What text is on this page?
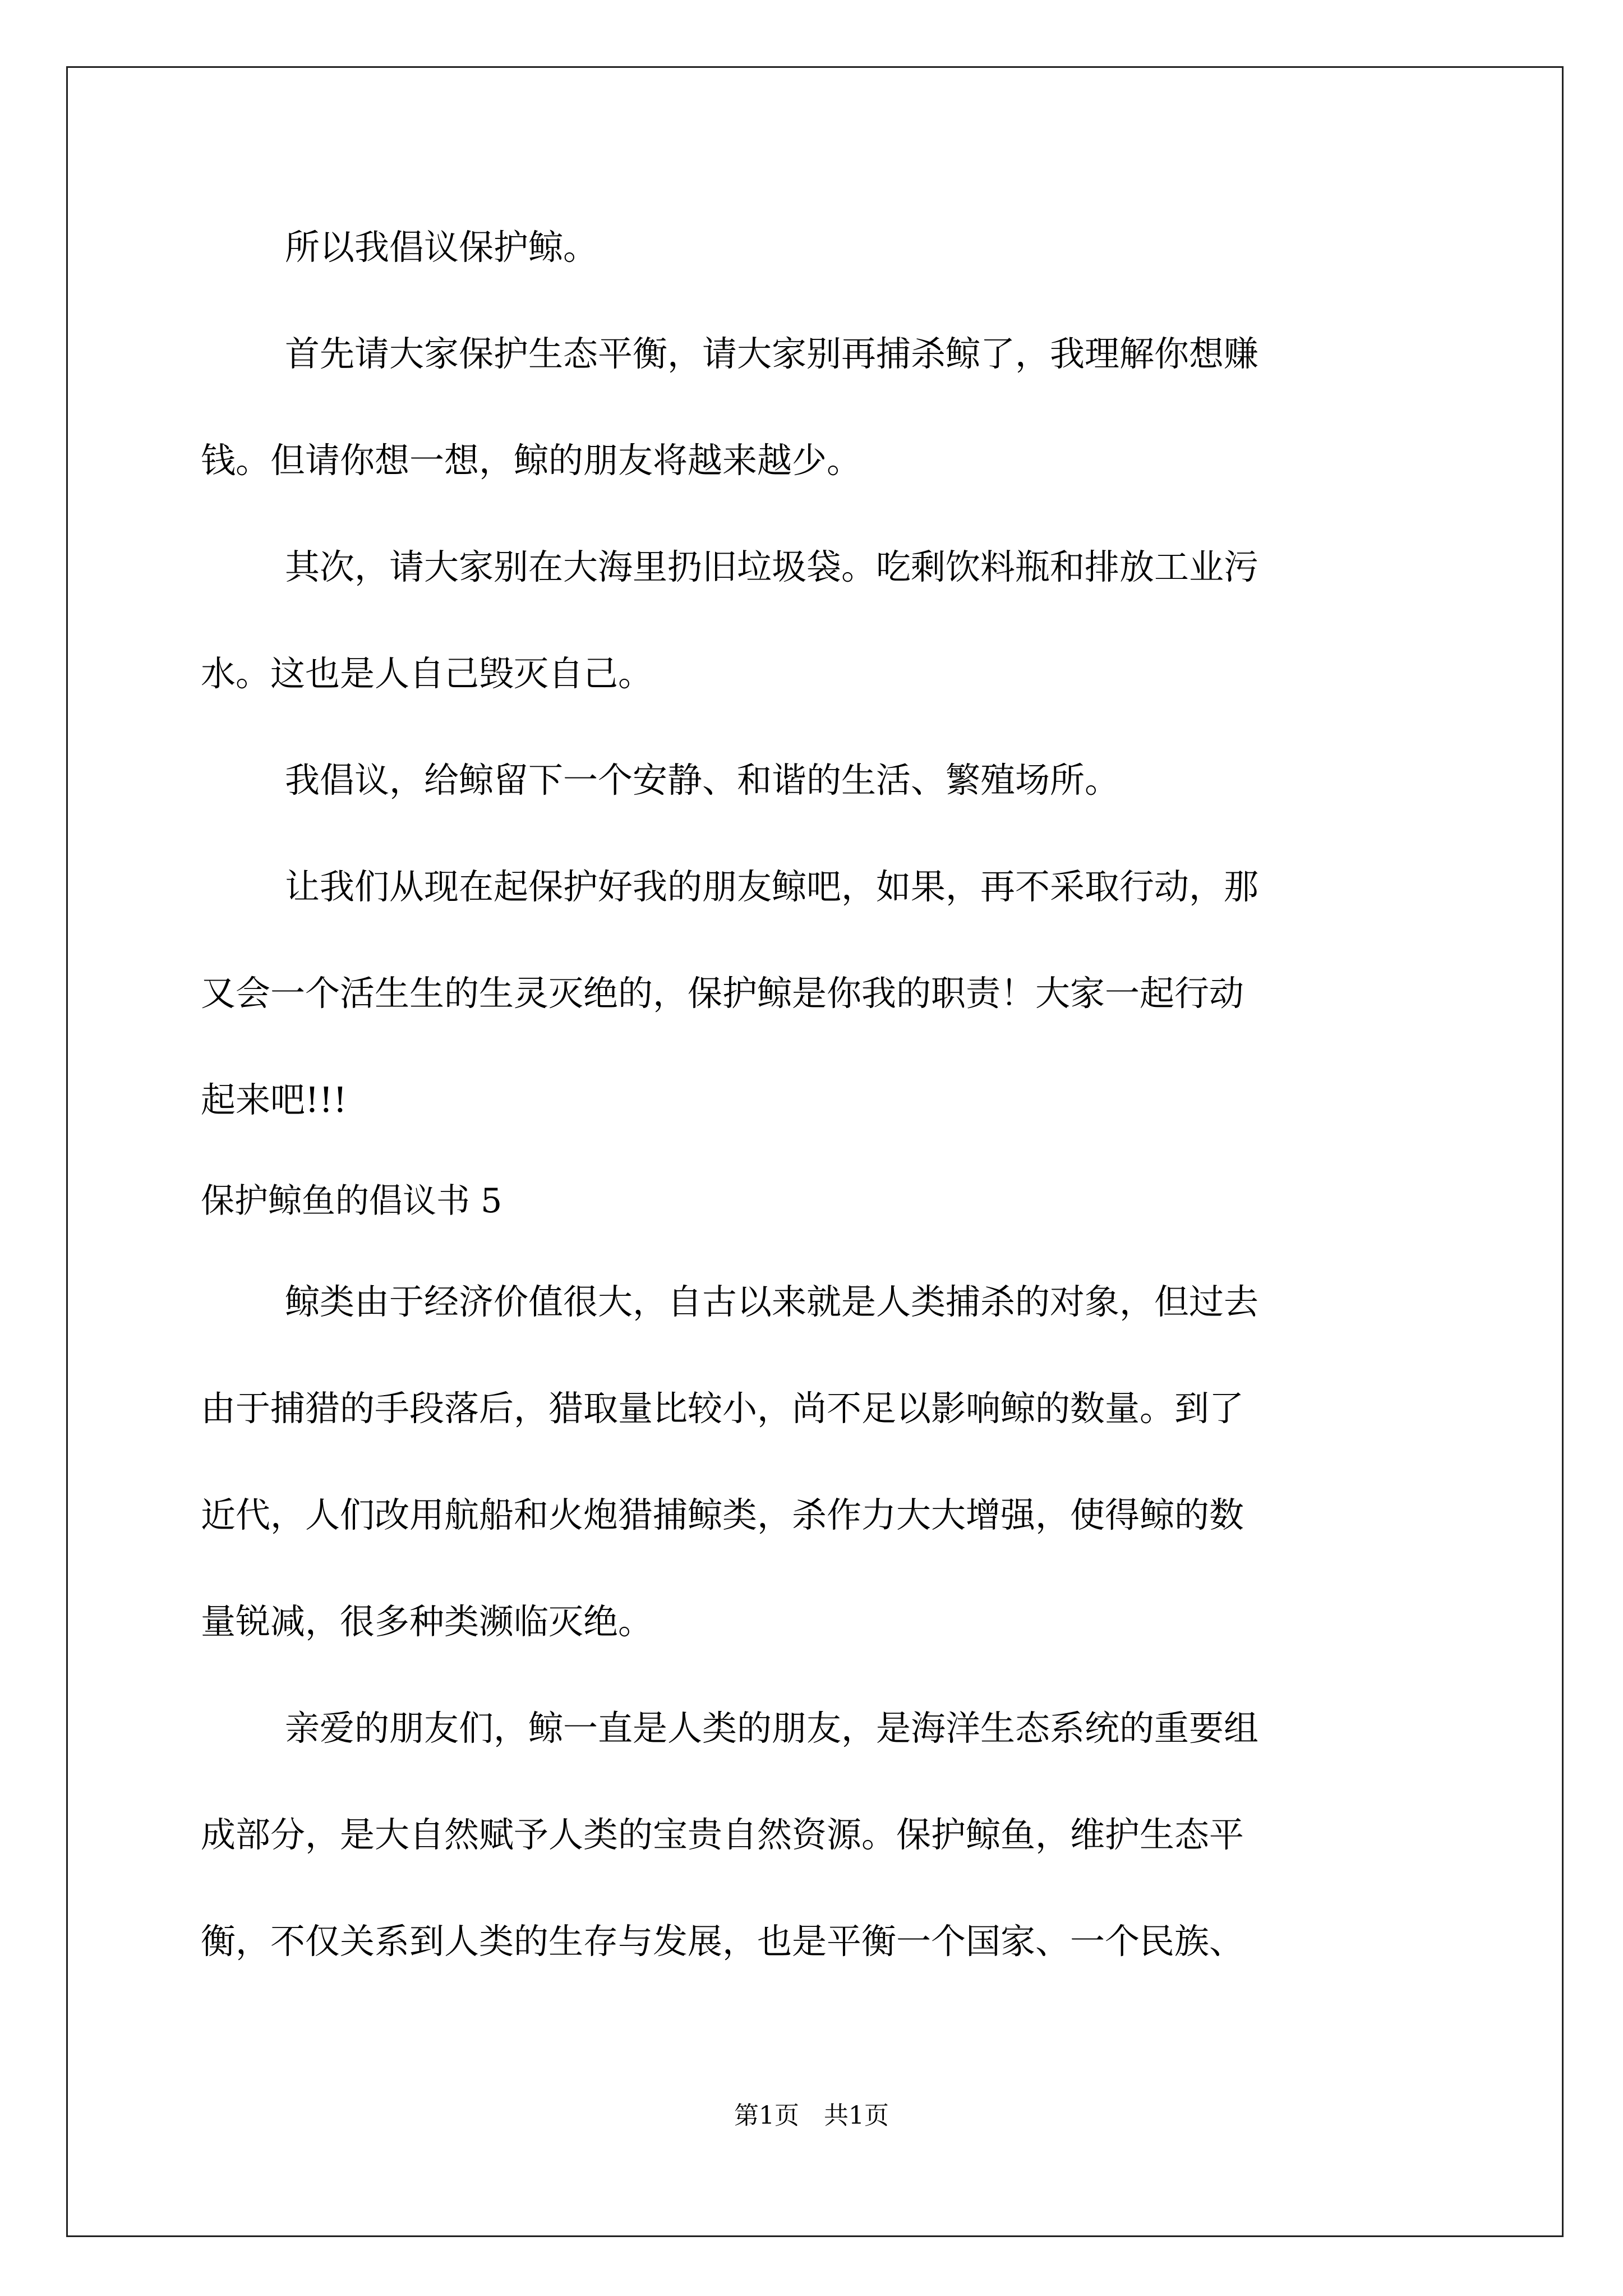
所以我倡议保护鲸。
首先请大家保护生态平衡，请大家别再捕杀鲸了，我理解你想赚
钱。但请你想一想，鲸的朋友将越来越少。
其次，请大家别在大海里扔旧垃圾袋。吃剩饮料瓶和排放工业污
水。这也是人自己毁灭自己。
我倡议，给鲸留下一个安静、和谐的生活、繁殖场所。
让我们从现在起保护好我的朋友鲸吧，如果，再不采取行动，那
又会一个活生生的生灵灭绝的，保护鲸是你我的职责！大家一起行动
起来吧!!!
保护鲸鱼的倡议书 5
鲸类由于经济价值很大，自古以来就是人类捕杀的对象，但过去
由于捕猎的手段落后，猎取量比较小，尚不足以影响鲸的数量。到了
近代，人们改用航船和火炮猎捕鲸类，杀作力大大增强，使得鲸的数
量锐减，很多种类濒临灭绝。
亲爱的朋友们，鲸一直是人类的朋友，是海洋生态系统的重要组
成部分，是大自然赋予人类的宝贵自然资源。保护鲸鱼，维护生态平
衡，不仅关系到人类的生存与发展，也是平衡一个国家、一个民族、
第1页　共1页
